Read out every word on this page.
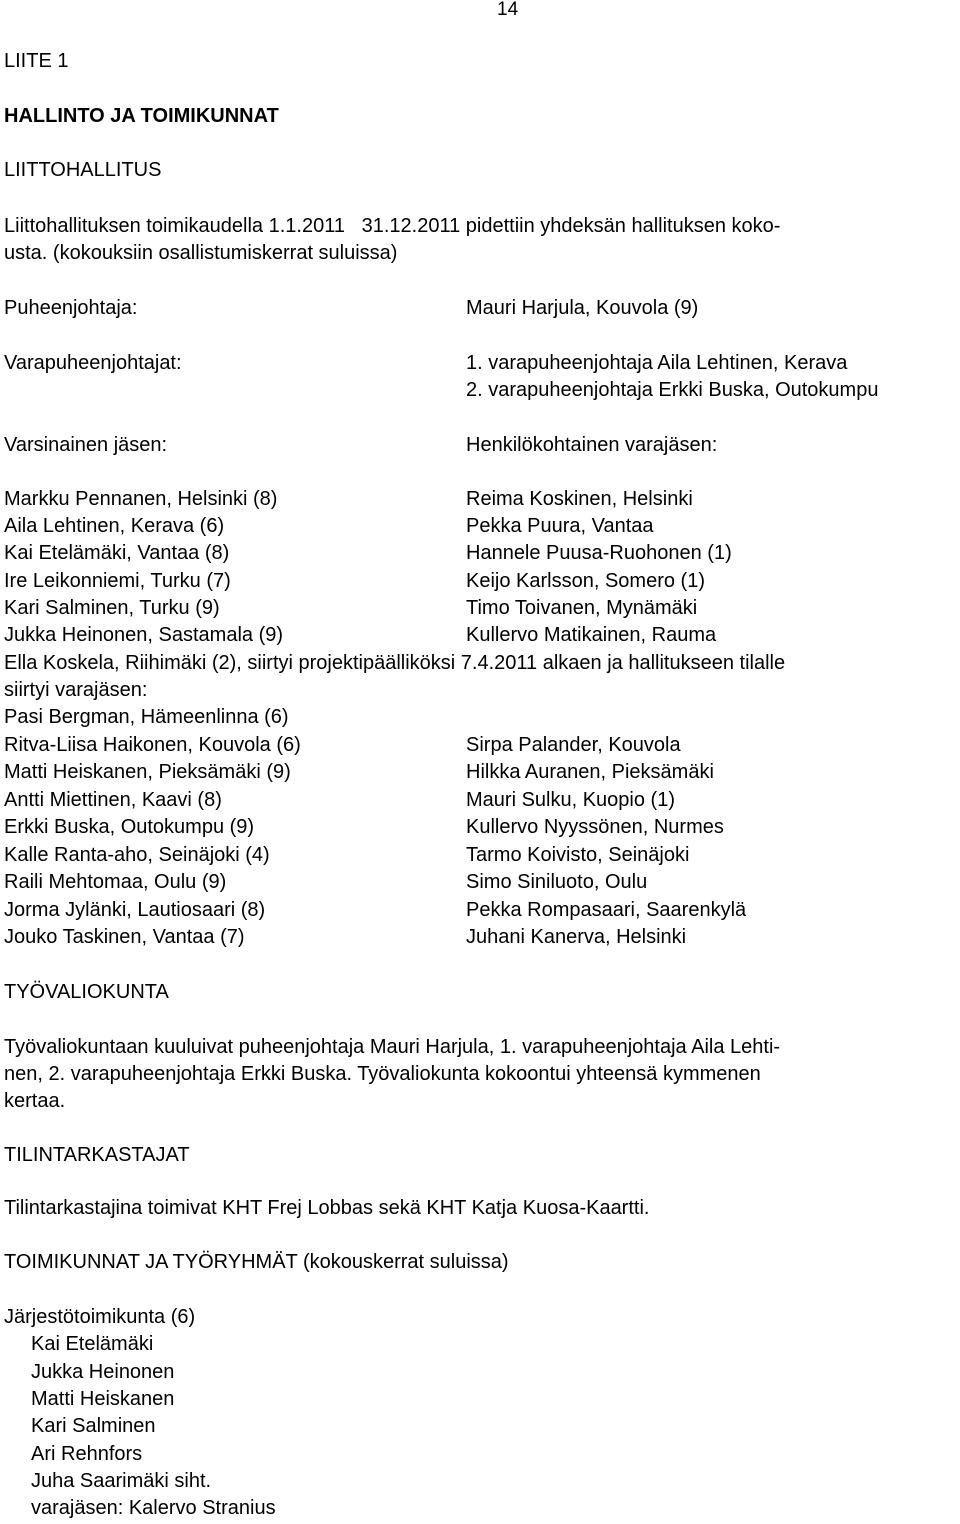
14

LIITE 1

HALLINTO JA TOIMIKUNNAT

LIITTOHALLITUS

Liittohallituksen toimikaudella 1.1.2011   31.12.2011 pidettiin yhdeksän hallituksen koko-

usta. (kokouksiin osallistumiskerrat suluissa)

Puheenjohtaja:	Mauri Harjula, Kouvola (9)

Varapuheenjohtajat:	1. varapuheenjohtaja Aila Lehtinen, Kerava

2. varapuheenjohtaja Erkki Buska, Outokumpu

Varsinainen jäsen:	Henkilökohtainen varajäsen:

Markku Pennanen, Helsinki (8)	Reima Koskinen, Helsinki

Aila Lehtinen, Kerava (6)	Pekka Puura, Vantaa

Kai Etelämäki, Vantaa (8)	Hannele Puusa-Ruohonen (1)

Ire Leikonniemi, Turku (7)	Keijo Karlsson, Somero (1)

Kari Salminen, Turku (9)	Timo Toivanen, Mynämäki

Jukka Heinonen, Sastamala (9)	Kullervo Matikainen, Rauma

Ella Koskela, Riihimäki (2), siirtyi projektipäälliköksi 7.4.2011 alkaen ja hallitukseen tilalle

siirtyi varajäsen:

Pasi Bergman, Hämeenlinna (6)

Ritva-Liisa Haikonen, Kouvola (6)	Sirpa Palander, Kouvola

Matti Heiskanen, Pieksämäki (9)	Hilkka Auranen, Pieksämäki

Antti Miettinen, Kaavi (8)	Mauri Sulku, Kuopio (1)

Erkki Buska, Outokumpu (9)	Kullervo Nyyssönen, Nurmes

Kalle Ranta-aho, Seinäjoki (4)	Tarmo Koivisto, Seinäjoki

Raili Mehtomaa, Oulu (9)	Simo Siniluoto, Oulu

Jorma Jylänki, Lautiosaari (8)	Pekka Rompasaari, Saarenkylä

Jouko Taskinen, Vantaa (7)	Juhani Kanerva, Helsinki

TYÖVALIOKUNTA

Työvaliokuntaan kuuluivat puheenjohtaja Mauri Harjula, 1. varapuheenjohtaja Aila Lehti-

nen, 2. varapuheenjohtaja Erkki Buska. Työvaliokunta kokoontui yhteensä kymmenen

kertaa.

TILINTARKASTAJAT

Tilintarkastajina toimivat KHT Frej Lobbas sekä KHT Katja Kuosa-Kaartti.

TOIMIKUNNAT JA TYÖRYHMÄT (kokouskerrat suluissa)

Järjestötoimikunta (6)

Kai Etelämäki

Jukka Heinonen

Matti Heiskanen

Kari Salminen

Ari Rehnfors

Juha Saarimäki siht.

varajäsen: Kalervo Stranius
